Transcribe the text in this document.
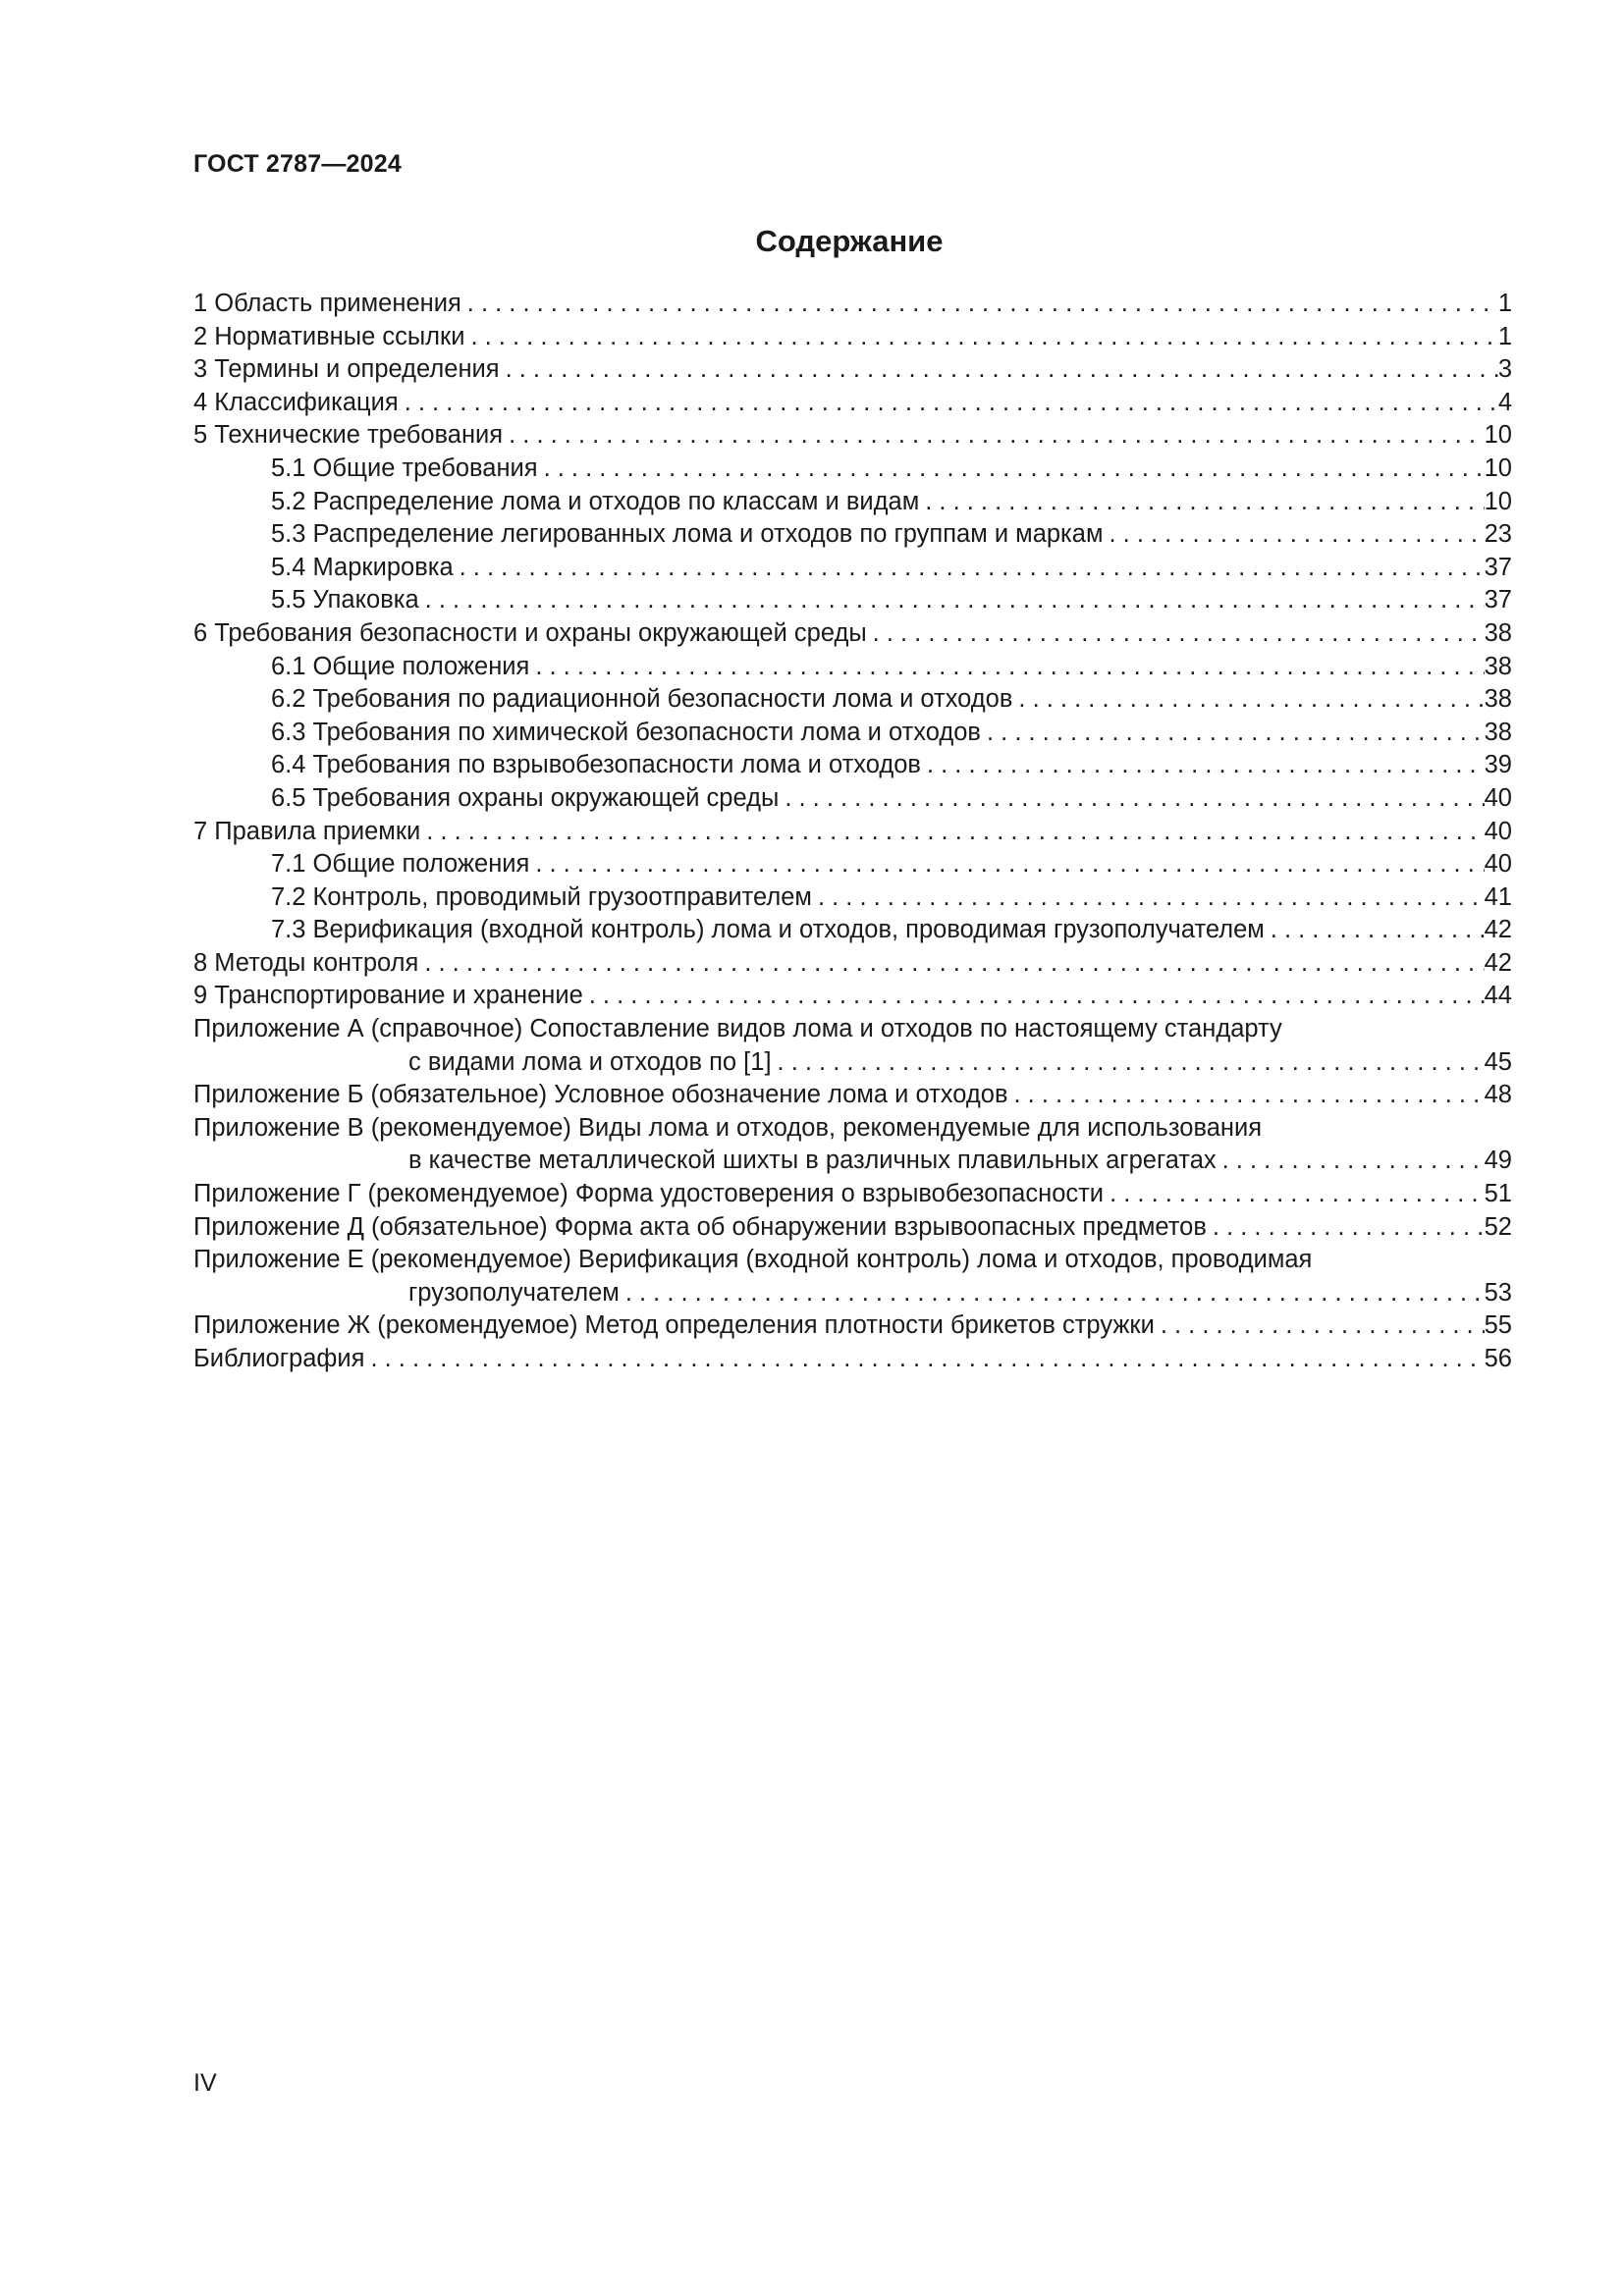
ГОСТ 2787—2024
Содержание
1 Область применения . . .	1
2 Нормативные ссылки . . .	1
3 Термины и определения . . .	3
4 Классификация . . .	4
5 Технические требования . . .	10
5.1 Общие требования . . .	10
5.2 Распределение лома и отходов по классам и видам . . .	10
5.3 Распределение легированных лома и отходов по группам и маркам . . .	23
5.4 Маркировка . . .	37
5.5 Упаковка . . .	37
6 Требования безопасности и охраны окружающей среды . . .	38
6.1 Общие положения . . .	38
6.2 Требования по радиационной безопасности лома и отходов . . .	38
6.3 Требования по химической безопасности лома и отходов . . .	38
6.4 Требования по взрывобезопасности лома и отходов . . .	39
6.5 Требования охраны окружающей среды . . .	40
7 Правила приемки . . .	40
7.1 Общие положения . . .	40
7.2 Контроль, проводимый грузоотправителем . . .	41
7.3 Верификация (входной контроль) лома и отходов, проводимая грузополучателем . . .	42
8 Методы контроля . . .	42
9 Транспортирование и хранение . . .	44
Приложение А (справочное) Сопоставление видов лома и отходов по настоящему стандарту
с видами лома и отходов по [1] . . .	45
Приложение Б (обязательное) Условное обозначение лома и отходов . . .	48
Приложение В (рекомендуемое) Виды лома и отходов, рекомендуемые для использования
в качестве металлической шихты в различных плавильных агрегатах . . .	49
Приложение Г (рекомендуемое) Форма удостоверения о взрывобезопасности . . .	51
Приложение Д (обязательное) Форма акта об обнаружении взрывоопасных предметов . . .	52
Приложение Е (рекомендуемое) Верификация (входной контроль) лома и отходов, проводимая
грузополучателем . . .	53
Приложение Ж (рекомендуемое) Метод определения плотности брикетов стружки . . .	55
Библиография . . .	56
IV
